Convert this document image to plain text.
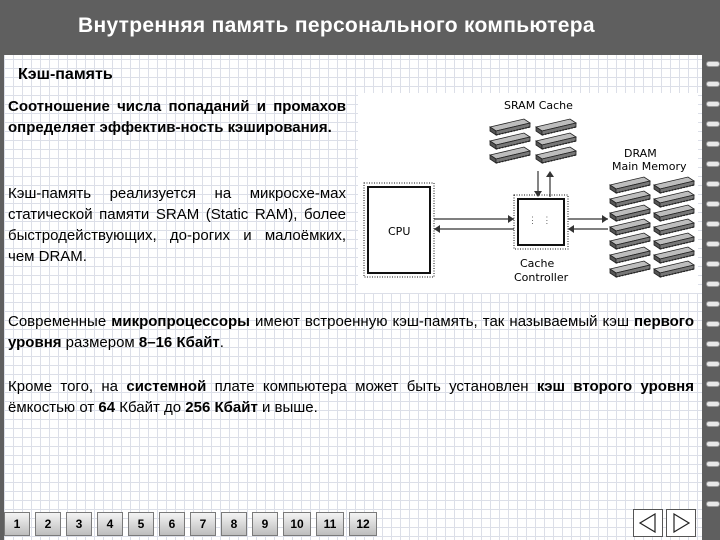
Внутренняя память персонального компьютера
Кэш-память

Соотношение числа попаданий и промахов определяет эффектив-ность кэширования.

Кэш-память реализуется на микросхе-мах статической памяти SRAM (Static RAM), более быстродействующих, до-рогих и малоёмких, чем DRAM.

Современные микропроцессоры имеют встроенную кэш-память, так называемый кэш первого уровня размером 8–16 Кбайт.

Кроме того, на системной плате компьютера может быть установлен кэш второго уровня ёмкостью от 64 Кбайт до 256 Кбайт и выше.

SRAM Cache
DRAM
Main Memory
CPU
⋮ ⋮
Cache
Controller
1	2	3	4	5	6	7	8	9	10	11	12
